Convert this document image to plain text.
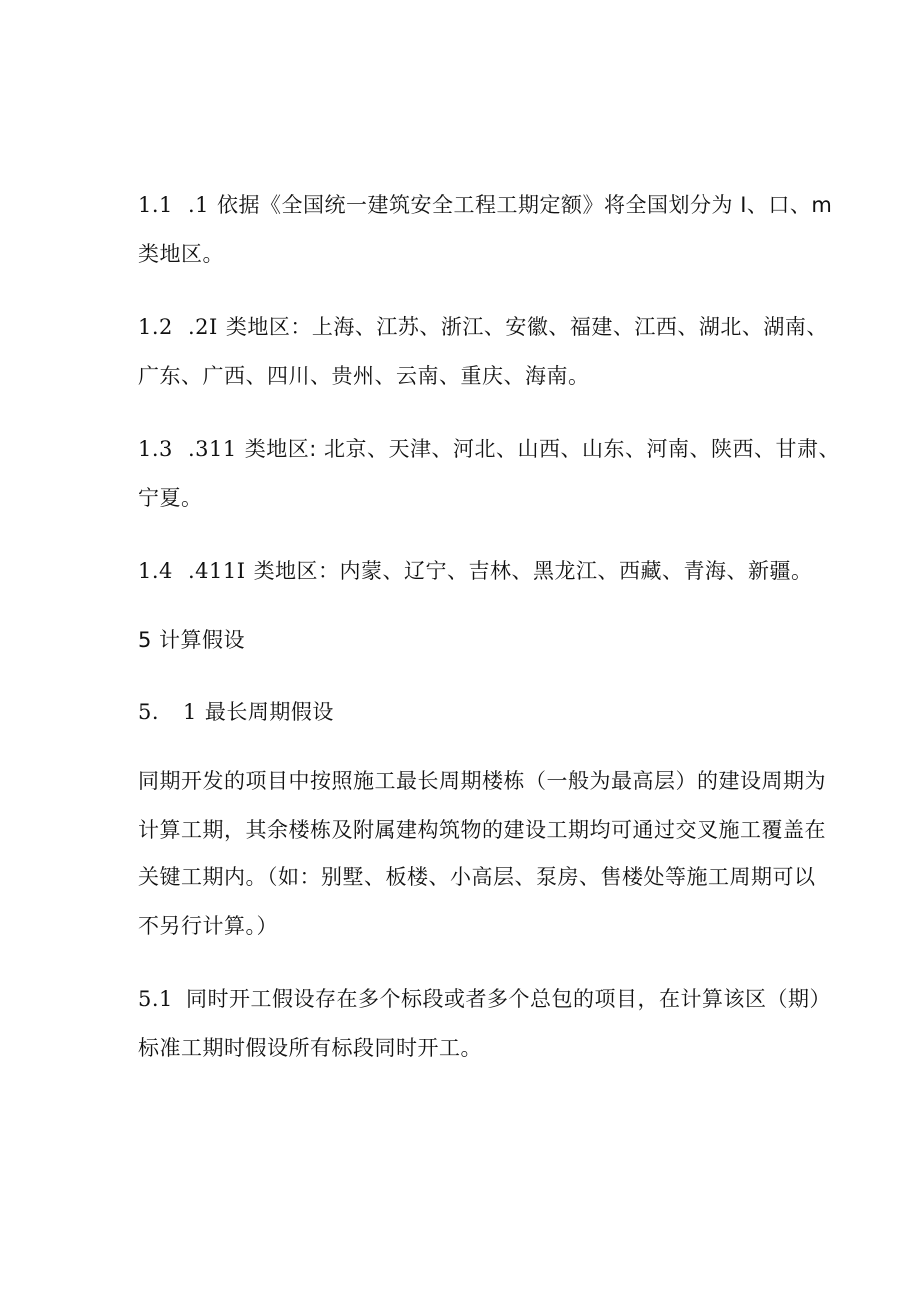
1.1 .1 依据《全国统一建筑安全工程工期定额》将全国划分为 I、口、m
类地区。
1.2 .2I 类地区：上海、江苏、浙江、安徽、福建、江西、湖北、湖南、
广东、广西、四川、贵州、云南、重庆、海南。
1.3 .311 类地区: 北京、天津、河北、山西、山东、河南、陕西、甘肃、
宁夏。
1.4 .411I 类地区：内蒙、辽宁、吉林、黑龙江、西藏、青海、新疆。
5 计算假设
5. 1 最长周期假设
同期开发的项目中按照施工最长周期楼栋（一般为最高层）的建设周期为
计算工期，其余楼栋及附属建构筑物的建设工期均可通过交叉施工覆盖在
关键工期内。（如：别墅、板楼、小高层、泵房、售楼处等施工周期可以
不另行计算。）
5.1 同时开工假设存在多个标段或者多个总包的项目，在计算该区（期）
标准工期时假设所有标段同时开工。
